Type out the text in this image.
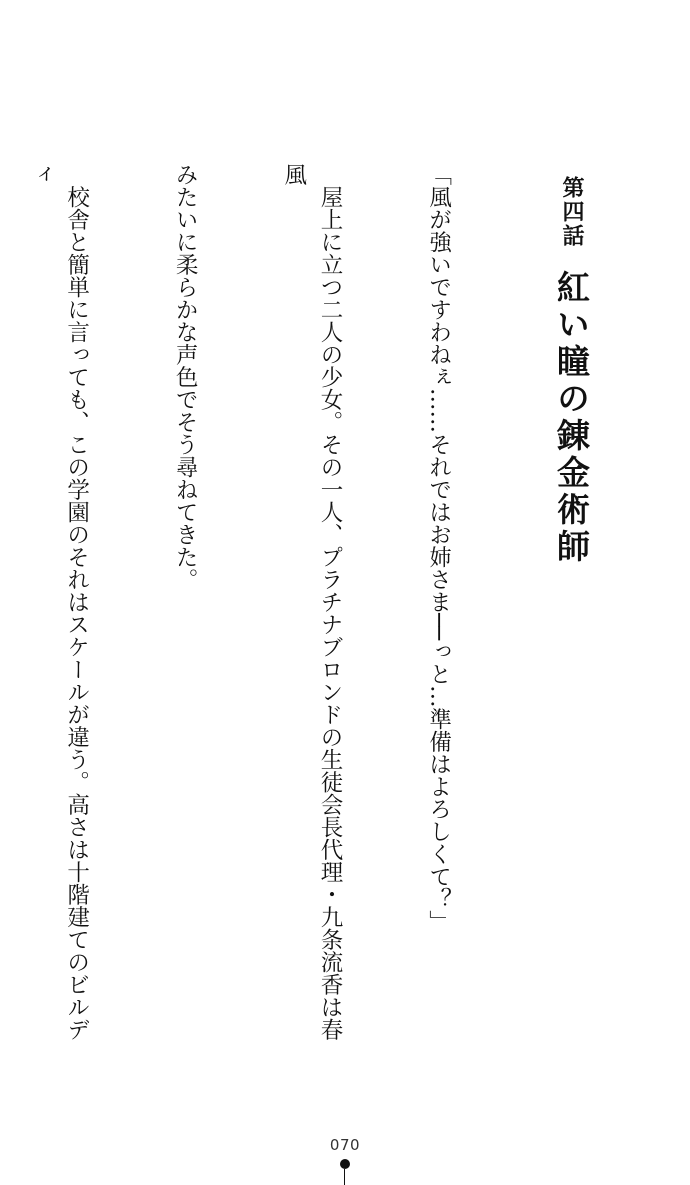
第四話紅い瞳の錬金術師

「風が強いですわねぇ……それではお姉さま──っと…準備はよろしくて？」

　屋上に立つ二人の少女。その一人、プラチナブロンドの生徒会長代理・九条流香は春風

みたいに柔らかな声色でそう尋ねてきた。

　校舎と簡単に言っても、この学園のそれはスケールが違う。高さは十階建てのビルディ

070
